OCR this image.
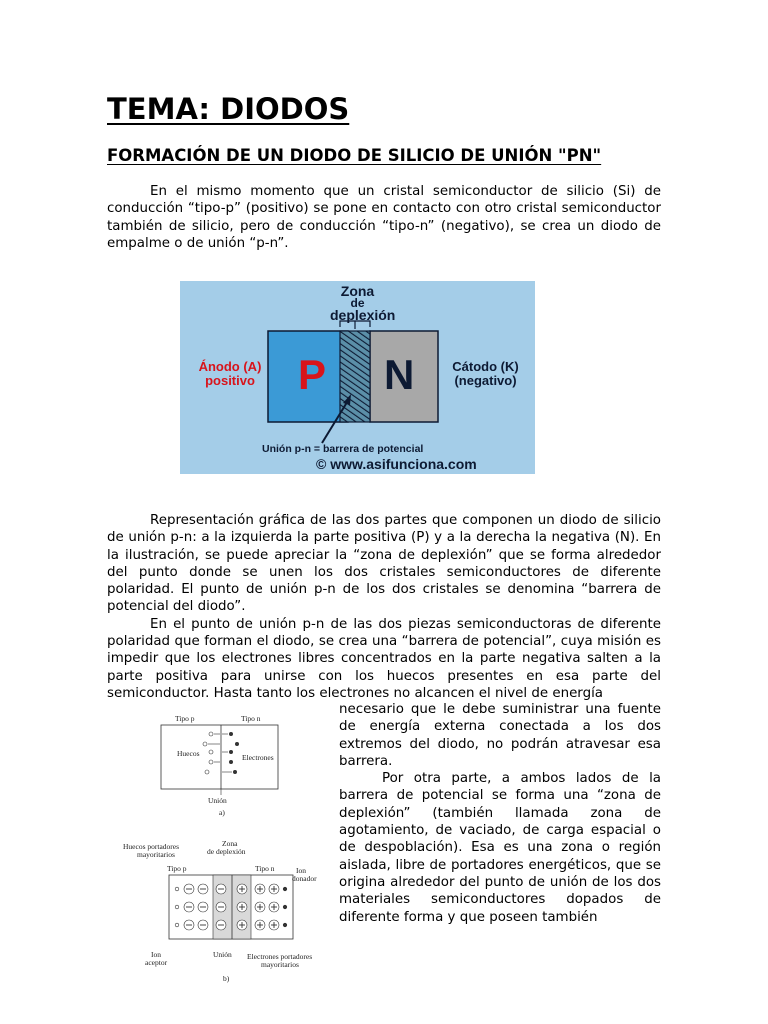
TEMA: DIODOS
FORMACIÓN DE UN DIODO DE SILICIO DE UNIÓN "PN"

En el mismo momento que un cristal semiconductor de silicio (Si) de conducción “tipo-p” (positivo) se pone en contacto con otro cristal semiconductor también de silicio, pero de conducción “tipo-n” (negativo), se crea un diodo de empalme o de unión “p-n”.

Zona
de
deplexión
Ánodo (A)
positivo	P N	Cátodo (K)
(negativo)
Unión p-n = barrera de potencial
© www.asifunciona.com

Representación gráfica de las dos partes que componen un diodo de silicio de unión p-n: a la izquierda la parte positiva (P) y a la derecha la negativa (N). En la ilustración, se puede apreciar la “zona de deplexión” que se forma alrededor del punto donde se unen los dos cristales semiconductores de diferente polaridad. El punto de unión p-n de los dos cristales se denomina “barrera de potencial del diodo”.
En el punto de unión p-n de las dos piezas semiconductoras de diferente polaridad que forman el diodo, se crea una “barrera de potencial”, cuya misión es impedir que los electrones libres concentrados en la parte negativa salten a la parte positiva para unirse con los huecos presentes en esa parte del semiconductor. Hasta tanto los electrones no alcancen el nivel de energía

Tipo p	Tipo n
Huecos	Electrones
Unión
a)
Huecos portadores
mayoritarios
Zona
de deplexión
Tipo p	Tipo n	Ion
donador
Ion
aceptor
Unión Electrones portadores
mayoritarios
b)

necesario que le debe suministrar una fuente de energía externa conectada a los dos extremos del diodo, no podrán atravesar esa barrera.
Por otra parte, a ambos lados de la barrera de potencial se forma una “zona de deplexión” (también llamada zona de agotamiento, de vaciado, de carga espacial o de despoblación). Esa es una zona o región aislada, libre de portadores energéticos, que se origina alrededor del punto de unión de los dos materiales semiconductores dopados de diferente forma y que poseen también
